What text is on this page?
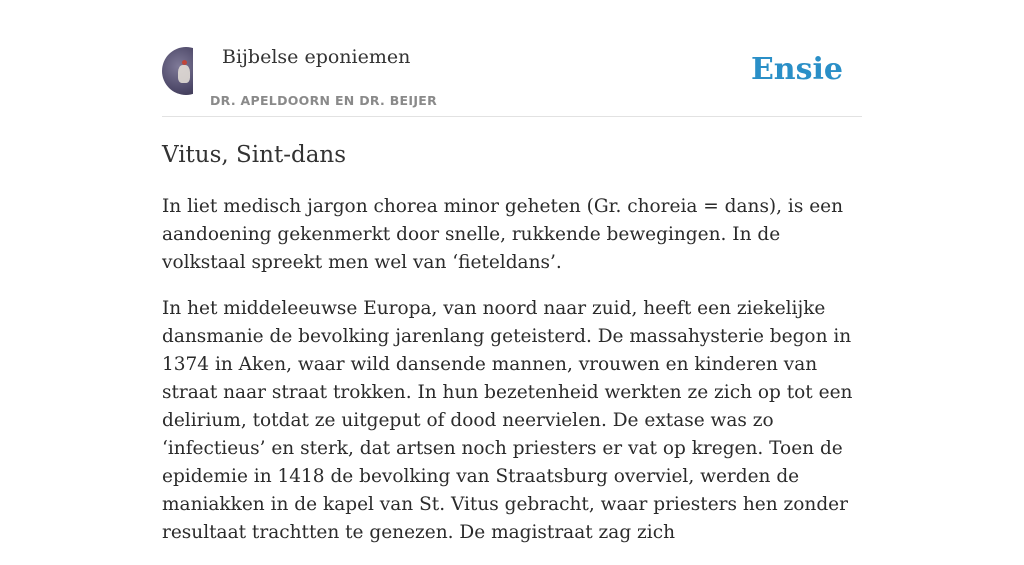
Bijbelse eponiemen
DR. APELDOORN EN DR. BEIJER
Ensie
Vitus, Sint-dans

In liet medisch jargon chorea minor geheten (Gr. choreia = dans), is een aandoening gekenmerkt door snelle, rukkende bewegingen. In de volkstaal spreekt men wel van ‘fieteldans’.

In het middeleeuwse Europa, van noord naar zuid, heeft een ziekelijke dansmanie de bevolking jarenlang geteisterd. De massahysterie begon in 1374 in Aken, waar wild dansende mannen, vrouwen en kinderen van straat naar straat trokken. In hun bezetenheid werkten ze zich op tot een delirium, totdat ze uitgeput of dood neervielen. De extase was zo ‘infectieus’ en sterk, dat artsen noch priesters er vat op kregen. Toen de epidemie in 1418 de bevolking van Straatsburg overviel, werden de maniakken in de kapel van St. Vitus gebracht, waar priesters hen zonder resultaat trachtten te genezen. De magistraat zag zich
